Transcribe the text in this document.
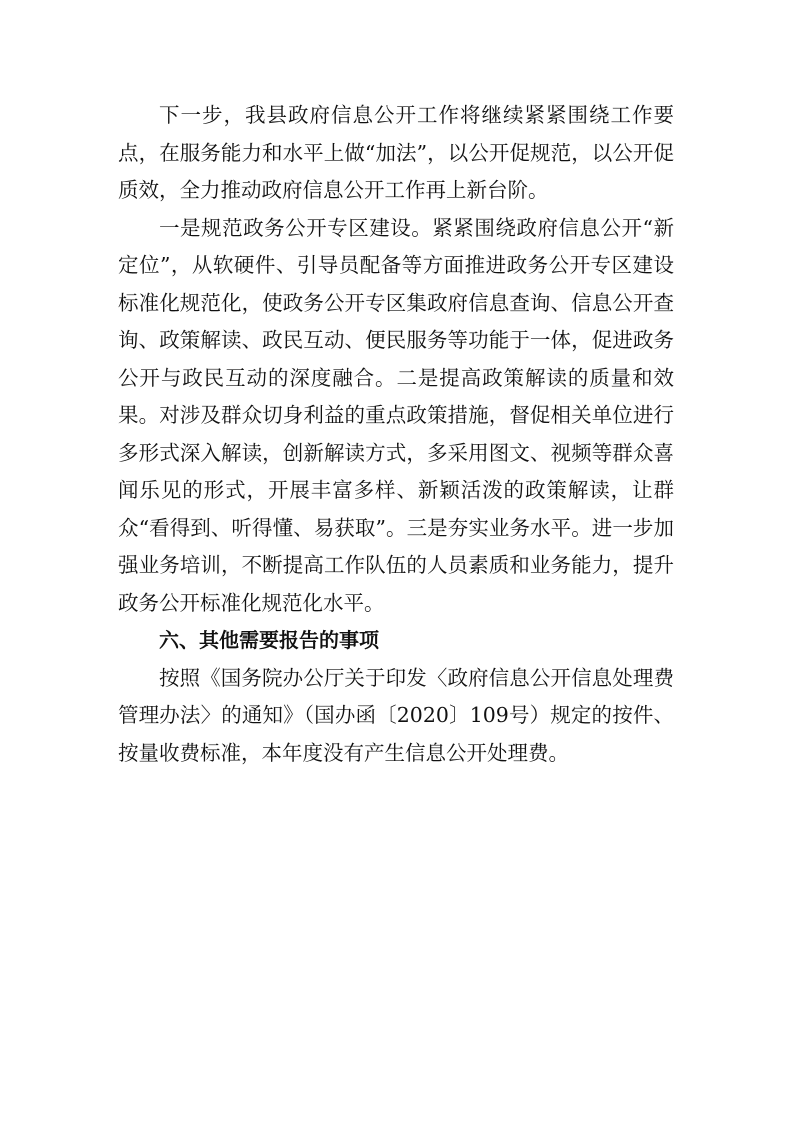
下一步，我县政府信息公开工作将继续紧紧围绕工作要点，在服务能力和水平上做“加法”，以公开促规范，以公开促质效，全力推动政府信息公开工作再上新台阶。

一是规范政务公开专区建设。紧紧围绕政府信息公开“新定位”，从软硬件、引导员配备等方面推进政务公开专区建设标准化规范化，使政务公开专区集政府信息查询、信息公开查询、政策解读、政民互动、便民服务等功能于一体，促进政务公开与政民互动的深度融合。二是提高政策解读的质量和效果。对涉及群众切身利益的重点政策措施，督促相关单位进行多形式深入解读，创新解读方式，多采用图文、视频等群众喜闻乐见的形式，开展丰富多样、新颖活泼的政策解读，让群众“看得到、听得懂、易获取”。三是夯实业务水平。进一步加强业务培训，不断提高工作队伍的人员素质和业务能力，提升政务公开标准化规范化水平。

六、其他需要报告的事项

按照《国务院办公厅关于印发〈政府信息公开信息处理费管理办法〉的通知》（国办函〔2020〕109号）规定的按件、按量收费标准，本年度没有产生信息公开处理费。
